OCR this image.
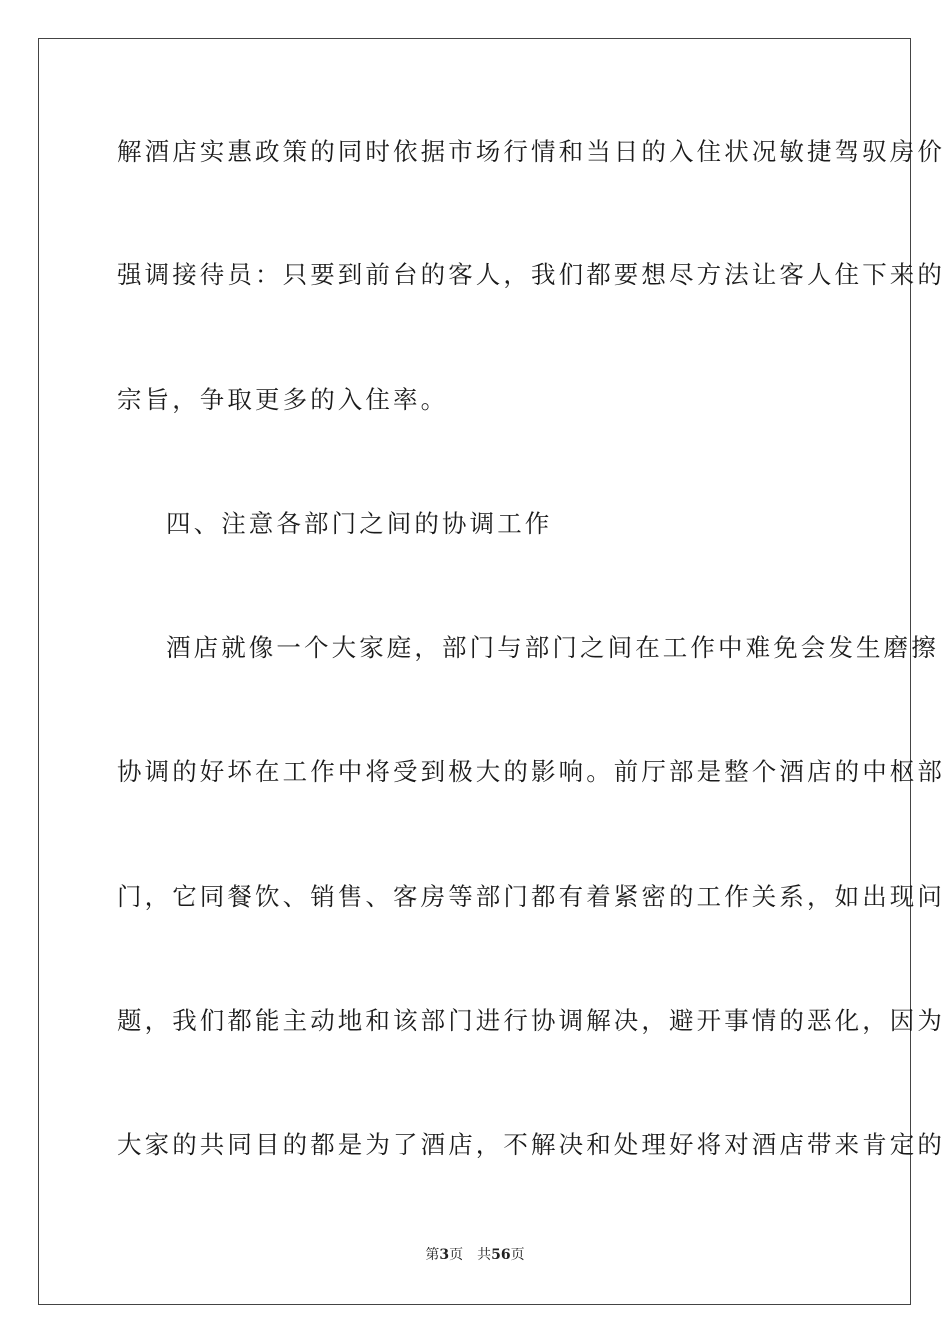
解酒店实惠政策的同时依据市场行情和当日的入住状况敏捷驾驭房价
强调接待员：只要到前台的客人，我们都要想尽方法让客人住下来的
宗旨，争取更多的入住率。
四、注意各部门之间的协调工作
酒店就像一个大家庭，部门与部门之间在工作中难免会发生磨擦
协调的好坏在工作中将受到极大的影响。前厅部是整个酒店的中枢部
门，它同餐饮、销售、客房等部门都有着紧密的工作关系，如出现问
题，我们都能主动地和该部门进行协调解决，避开事情的恶化，因为
大家的共同目的都是为了酒店，不解决和处理好将对酒店带来肯定的
第3页 共56页
